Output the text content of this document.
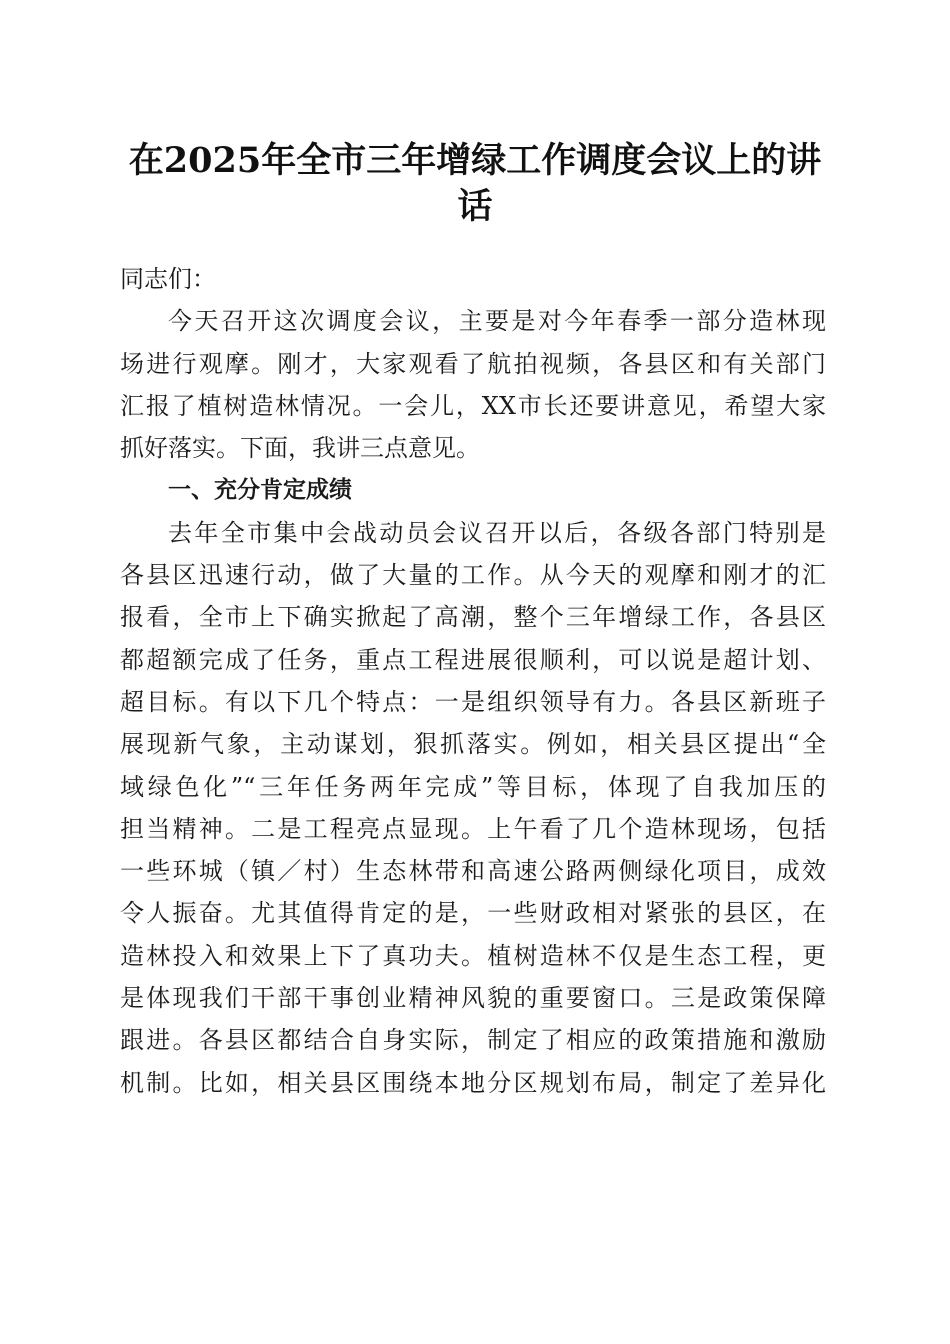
在2025年全市三年增绿工作调度会议上的讲
话
同志们：
今天召开这次调度会议，主要是对今年春季一部分造林现
场进行观摩。刚才，大家观看了航拍视频，各县区和有关部门
汇报了植树造林情况。一会儿，XX市长还要讲意见，希望大家
抓好落实。下面，我讲三点意见。
一、充分肯定成绩
去年全市集中会战动员会议召开以后，各级各部门特别是
各县区迅速行动，做了大量的工作。从今天的观摩和刚才的汇
报看，全市上下确实掀起了高潮，整个三年增绿工作，各县区
都超额完成了任务，重点工程进展很顺利，可以说是超计划、
超目标。有以下几个特点：一是组织领导有力。各县区新班子
展现新气象，主动谋划，狠抓落实。例如，相关县区提出“全
域绿色化”“三年任务两年完成”等目标，体现了自我加压的
担当精神。二是工程亮点显现。上午看了几个造林现场，包括
一些环城（镇／村）生态林带和高速公路两侧绿化项目，成效
令人振奋。尤其值得肯定的是，一些财政相对紧张的县区，在
造林投入和效果上下了真功夫。植树造林不仅是生态工程，更
是体现我们干部干事创业精神风貌的重要窗口。三是政策保障
跟进。各县区都结合自身实际，制定了相应的政策措施和激励
机制。比如，相关县区围绕本地分区规划布局，制定了差异化
